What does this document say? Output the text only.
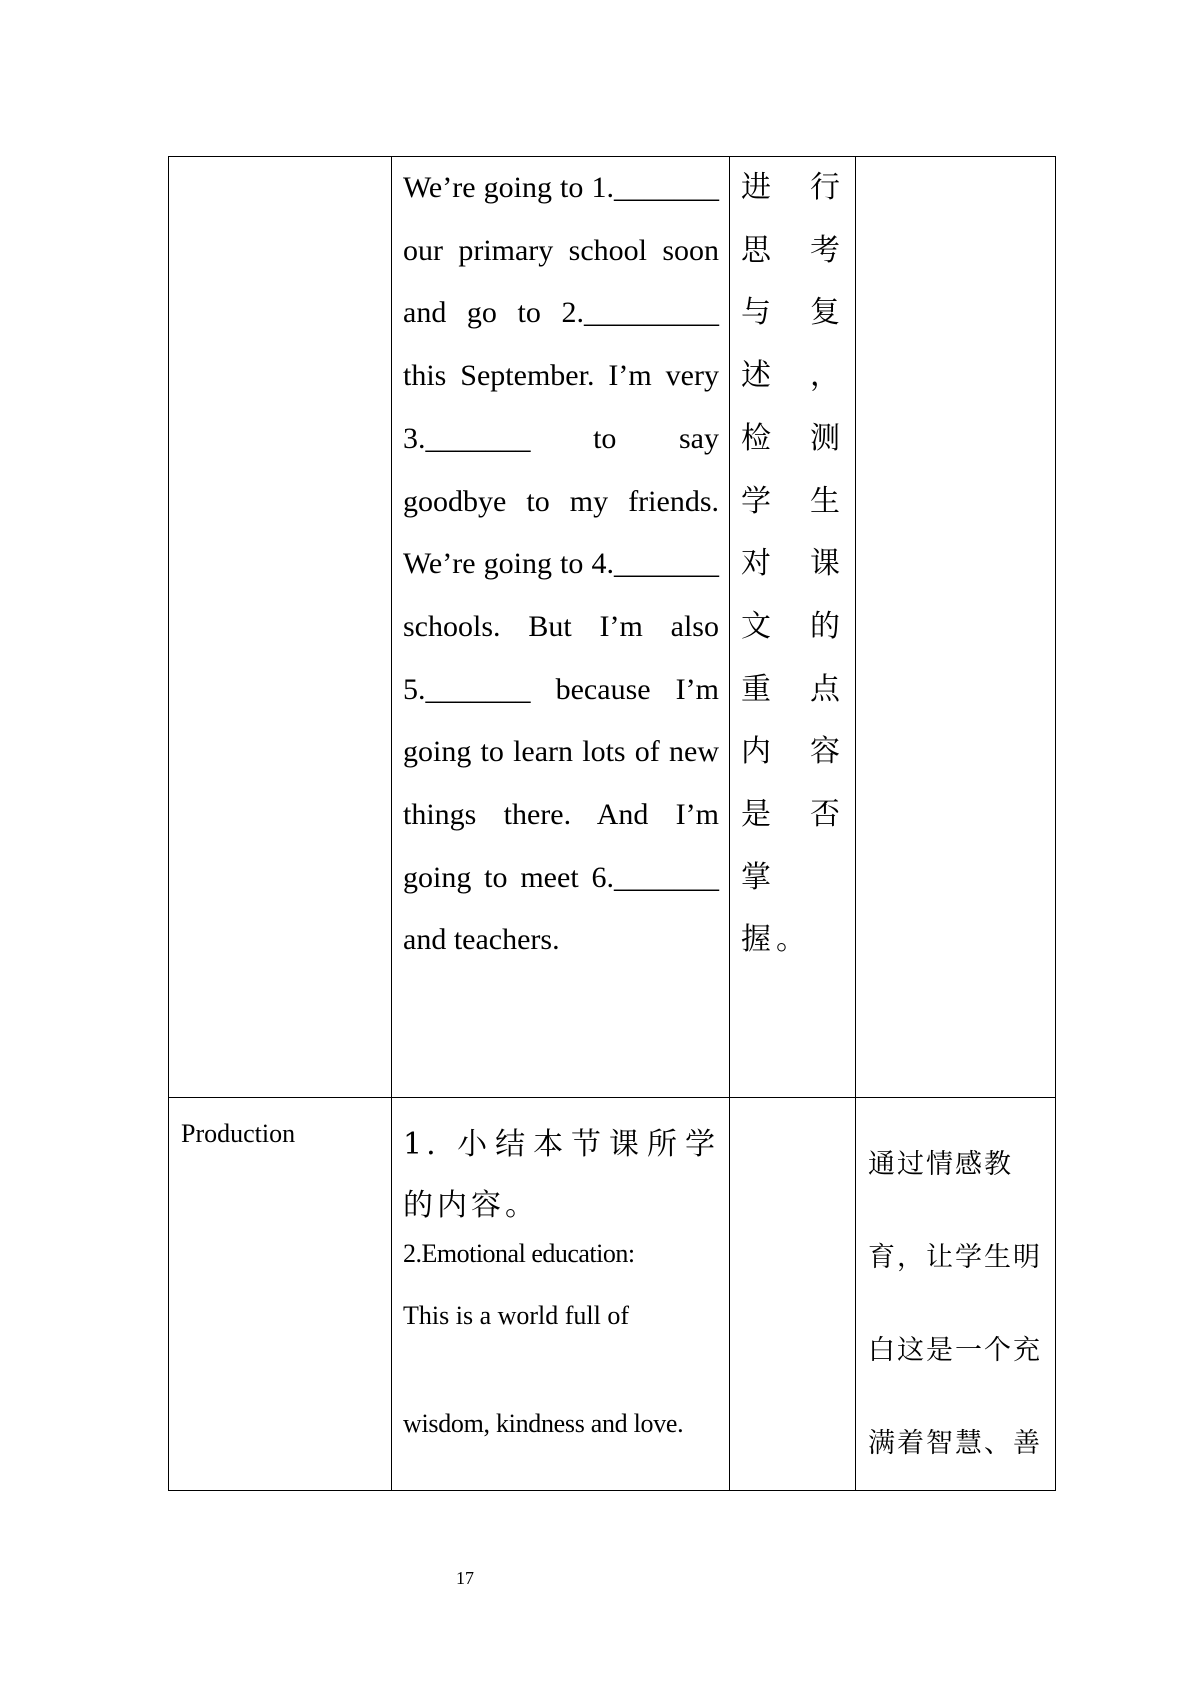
	We’re going to 1._______ our primary school soon and go to 2._________ this September. I’m very 3._______ to say goodbye to my friends. We’re going to 4._______ schools. But I’m also 5._______ because I’m going to learn lots of new things there. And I’m going to meet 6._______ and teachers.	进行思考与复述，检测学生对课文的重点内容是否掌握。	

Production	1. 小结本节课所学的内容。
2.Emotional education:
This is a world full of
wisdom, kindness and love.		通过情感教育，让学生明白这是一个充满着智慧、善
17
